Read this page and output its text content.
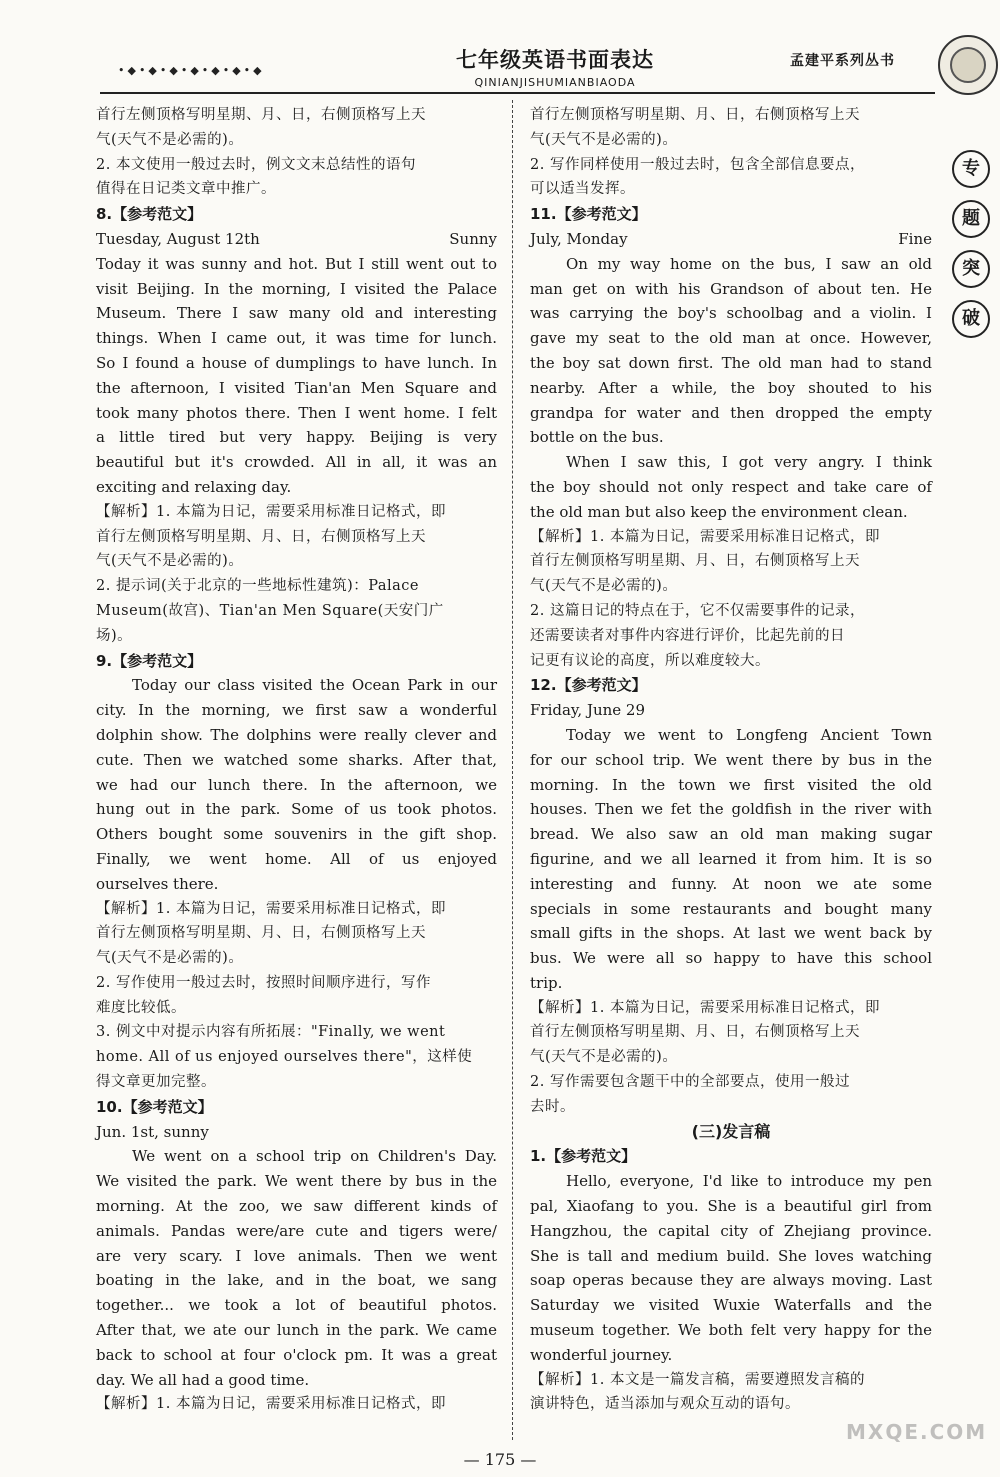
•◆•◆•◆•◆•◆•◆•◆	七年级英语书面表达
QINIANJISHUMIANBIAODA
孟建平系列丛书
专
题
突
破

首行左侧顶格写明星期、月、日，右侧顶格写上天

气(天气不是必需的)。

2. 本文使用一般过去时，例文文末总结性的语句

值得在日记类文章中推广。

8.【参考范文】

Tuesday, August 12th	Sunny

Today it was sunny and hot. But I still went out to

visit Beijing. In the morning, I visited the Palace

Museum. There I saw many old and interesting

things. When I came out, it was time for lunch.

So I found a house of dumplings to have lunch. In

the afternoon, I visited Tian'an Men Square and

took many photos there. Then I went home. I felt

a little tired but very happy. Beijing is very

beautiful but it's crowded. All in all, it was an

exciting and relaxing day.

【解析】1. 本篇为日记，需要采用标准日记格式，即

首行左侧顶格写明星期、月、日，右侧顶格写上天

气(天气不是必需的)。

2. 提示词(关于北京的一些地标性建筑)：Palace

Museum(故宫)、Tian'an Men Square(天安门广

场)。

9.【参考范文】

Today our class visited the Ocean Park in our

city. In the morning, we first saw a wonderful

dolphin show. The dolphins were really clever and

cute. Then we watched some sharks. After that,

we had our lunch there. In the afternoon, we

hung out in the park. Some of us took photos.

Others bought some souvenirs in the gift shop.

Finally, we went home. All of us enjoyed

ourselves there.

【解析】1. 本篇为日记，需要采用标准日记格式，即

首行左侧顶格写明星期、月、日，右侧顶格写上天

气(天气不是必需的)。

2. 写作使用一般过去时，按照时间顺序进行，写作

难度比较低。

3. 例文中对提示内容有所拓展："Finally, we went

home. All of us enjoyed ourselves there"，这样使

得文章更加完整。

10.【参考范文】

Jun. 1st, sunny

We went on a school trip on Children's Day.

We visited the park. We went there by bus in the

morning. At the zoo, we saw different kinds of

animals. Pandas were/are cute and tigers were/

are very scary. I love animals. Then we went

boating in the lake, and in the boat, we sang

together... we took a lot of beautiful photos.

After that, we ate our lunch in the park. We came

back to school at four o'clock pm. It was a great

day. We all had a good time.

【解析】1. 本篇为日记，需要采用标准日记格式，即

首行左侧顶格写明星期、月、日，右侧顶格写上天

气(天气不是必需的)。

2. 写作同样使用一般过去时，包含全部信息要点，

可以适当发挥。

11.【参考范文】

July, Monday	Fine

On my way home on the bus, I saw an old

man get on with his Grandson of about ten. He

was carrying the boy's schoolbag and a violin. I

gave my seat to the old man at once. However,

the boy sat down first. The old man had to stand

nearby. After a while, the boy shouted to his

grandpa for water and then dropped the empty

bottle on the bus.

When I saw this, I got very angry. I think

the boy should not only respect and take care of

the old man but also keep the environment clean.

【解析】1. 本篇为日记，需要采用标准日记格式，即

首行左侧顶格写明星期、月、日，右侧顶格写上天

气(天气不是必需的)。

2. 这篇日记的特点在于，它不仅需要事件的记录，

还需要读者对事件内容进行评价，比起先前的日

记更有议论的高度，所以难度较大。

12.【参考范文】

Friday, June 29

Today we went to Longfeng Ancient Town

for our school trip. We went there by bus in the

morning. In the town we first visited the old

houses. Then we fet the goldfish in the river with

bread. We also saw an old man making sugar

figurine, and we all learned it from him. It is so

interesting and funny. At noon we ate some

specials in some restaurants and bought many

small gifts in the shops. At last we went back by

bus. We were all so happy to have this school

trip.

【解析】1. 本篇为日记，需要采用标准日记格式，即

首行左侧顶格写明星期、月、日，右侧顶格写上天

气(天气不是必需的)。

2. 写作需要包含题干中的全部要点，使用一般过

去时。

(三)发言稿

1.【参考范文】

Hello, everyone, I'd like to introduce my pen

pal, Xiaofang to you. She is a beautiful girl from

Hangzhou, the capital city of Zhejiang province.

She is tall and medium build. She loves watching

soap operas because they are always moving. Last

Saturday we visited Wuxie Waterfalls and the

museum together. We both felt very happy for the

wonderful journey.

【解析】1. 本文是一篇发言稿，需要遵照发言稿的

演讲特色，适当添加与观众互动的语句。

— 175 —
MXQE.COM
